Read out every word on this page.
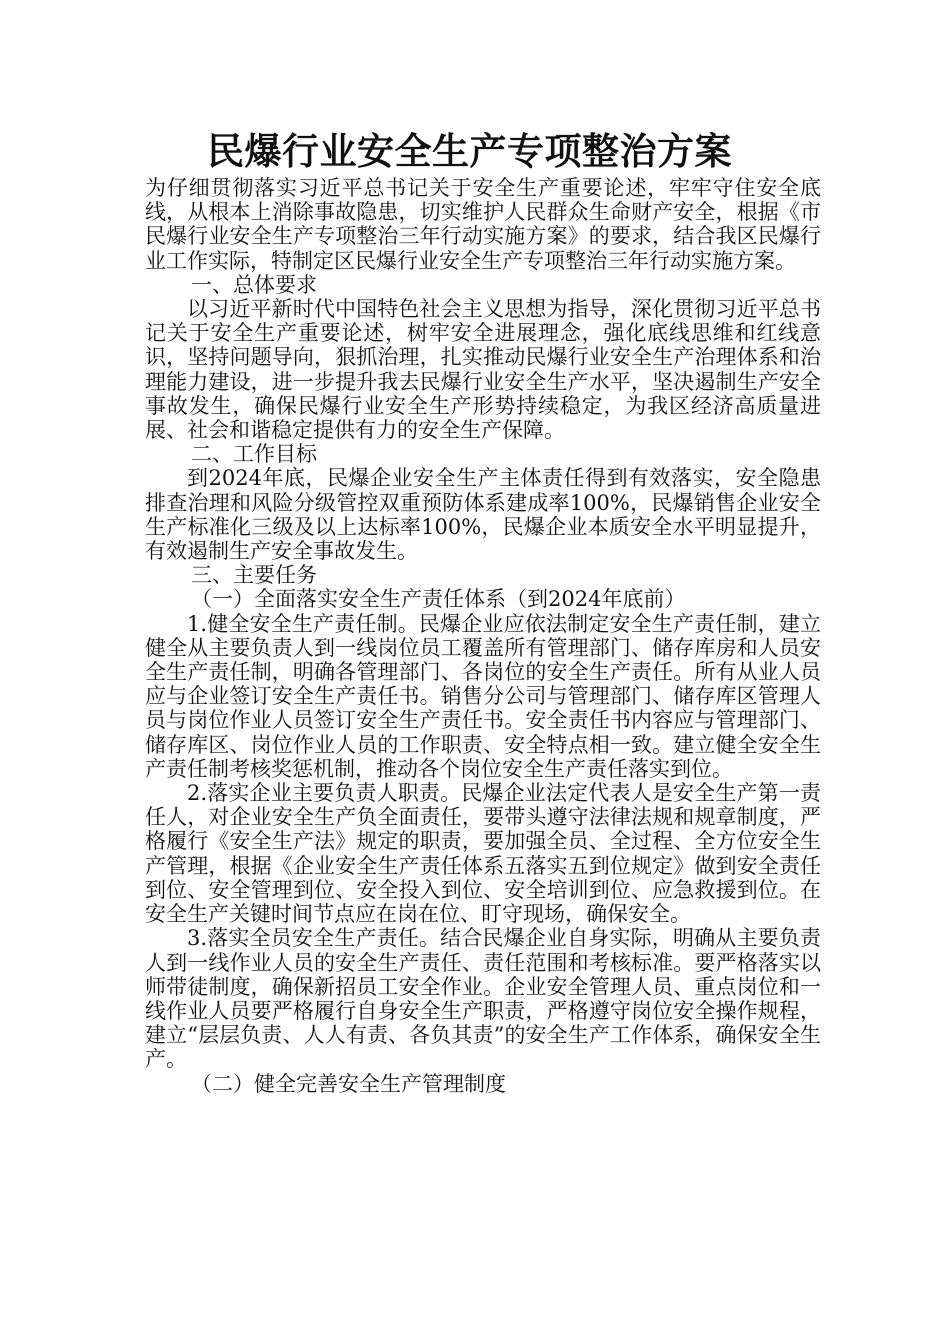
民爆行业安全生产专项整治方案

为仔细贯彻落实习近平总书记关于安全生产重要论述，牢牢守住安全底线，从根本上消除事故隐患，切实维护人民群众生命财产安全，根据《市民爆行业安全生产专项整治三年行动实施方案》的要求，结合我区民爆行业工作实际，特制定区民爆行业安全生产专项整治三年行动实施方案。

一、总体要求

以习近平新时代中国特色社会主义思想为指导，深化贯彻习近平总书记关于安全生产重要论述，树牢安全进展理念，强化底线思维和红线意识，坚持问题导向，狠抓治理，扎实推动民爆行业安全生产治理体系和治理能力建设，进一步提升我去民爆行业安全生产水平，坚决遏制生产安全事故发生，确保民爆行业安全生产形势持续稳定，为我区经济高质量进展、社会和谐稳定提供有力的安全生产保障。

二、工作目标

到2024年底，民爆企业安全生产主体责任得到有效落实，安全隐患排查治理和风险分级管控双重预防体系建成率100%，民爆销售企业安全生产标准化三级及以上达标率100%，民爆企业本质安全水平明显提升，有效遏制生产安全事故发生。

三、主要任务

（一）全面落实安全生产责任体系（到2024年底前）

1.健全安全生产责任制。民爆企业应依法制定安全生产责任制，建立健全从主要负责人到一线岗位员工覆盖所有管理部门、储存库房和人员安全生产责任制，明确各管理部门、各岗位的安全生产责任。所有从业人员应与企业签订安全生产责任书。销售分公司与管理部门、储存库区管理人员与岗位作业人员签订安全生产责任书。安全责任书内容应与管理部门、储存库区、岗位作业人员的工作职责、安全特点相一致。建立健全安全生产责任制考核奖惩机制，推动各个岗位安全生产责任落实到位。

2.落实企业主要负责人职责。民爆企业法定代表人是安全生产第一责任人，对企业安全生产负全面责任，要带头遵守法律法规和规章制度，严格履行《安全生产法》规定的职责，要加强全员、全过程、全方位安全生产管理，根据《企业安全生产责任体系五落实五到位规定》做到安全责任到位、安全管理到位、安全投入到位、安全培训到位、应急救援到位。在安全生产关键时间节点应在岗在位、盯守现场，确保安全。

3.落实全员安全生产责任。结合民爆企业自身实际，明确从主要负责人到一线作业人员的安全生产责任、责任范围和考核标准。要严格落实以师带徒制度，确保新招员工安全作业。企业安全管理人员、重点岗位和一线作业人员要严格履行自身安全生产职责，严格遵守岗位安全操作规程，建立“层层负责、人人有责、各负其责”的安全生产工作体系，确保安全生产。

（二）健全完善安全生产管理制度
